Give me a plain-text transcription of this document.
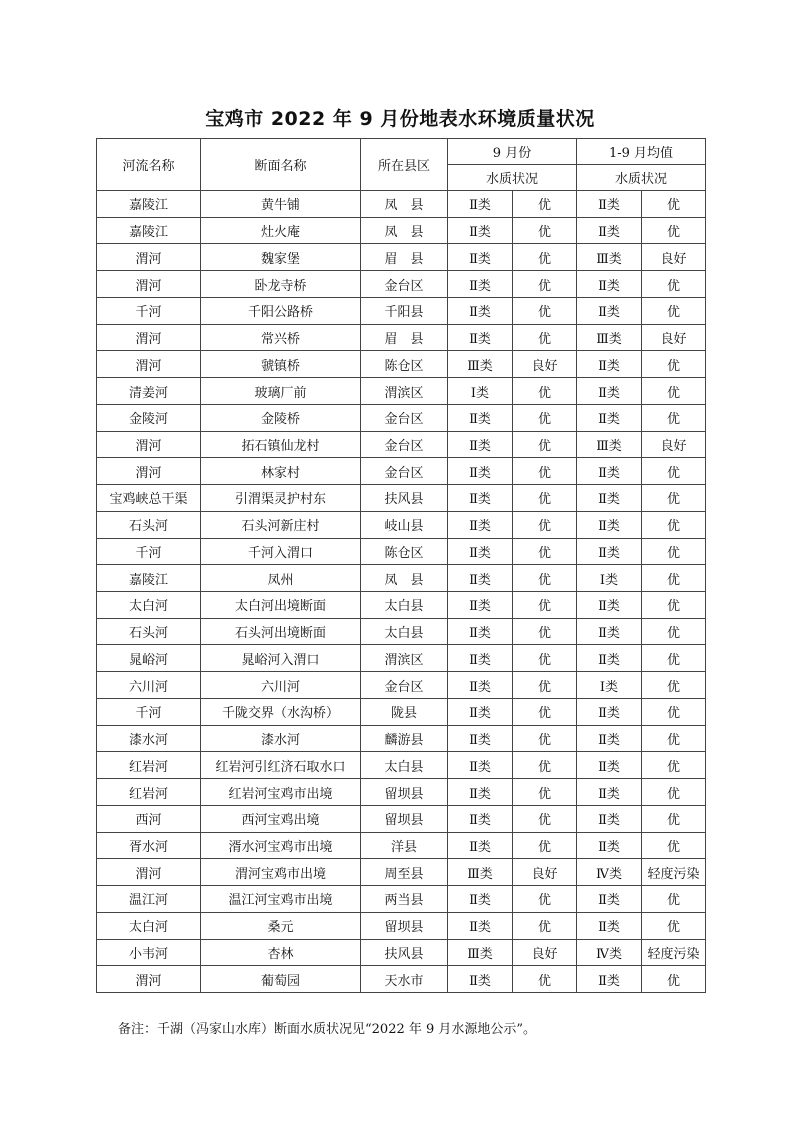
宝鸡市 2022 年 9 月份地表水环境质量状况
河流名称	断面名称	所在县区	9 月份		1-9 月均值	
			水质状况		水质状况	
嘉陵江	黄牛铺	凤　县	Ⅱ类	优	Ⅱ类	优
嘉陵江	灶火庵	凤　县	Ⅱ类	优	Ⅱ类	优
渭河	魏家堡	眉　县	Ⅱ类	优	Ⅲ类	良好
渭河	卧龙寺桥	金台区	Ⅱ类	优	Ⅱ类	优
千河	千阳公路桥	千阳县	Ⅱ类	优	Ⅱ类	优
渭河	常兴桥	眉　县	Ⅱ类	优	Ⅲ类	良好
渭河	虢镇桥	陈仓区	Ⅲ类	良好	Ⅱ类	优
清姜河	玻璃厂前	渭滨区	Ⅰ类	优	Ⅱ类	优
金陵河	金陵桥	金台区	Ⅱ类	优	Ⅱ类	优
渭河	拓石镇仙龙村	金台区	Ⅱ类	优	Ⅲ类	良好
渭河	林家村	金台区	Ⅱ类	优	Ⅱ类	优
宝鸡峡总干渠	引渭渠灵护村东	扶风县	Ⅱ类	优	Ⅱ类	优
石头河	石头河新庄村	岐山县	Ⅱ类	优	Ⅱ类	优
千河	千河入渭口	陈仓区	Ⅱ类	优	Ⅱ类	优
嘉陵江	凤州	凤　县	Ⅱ类	优	Ⅰ类	优
太白河	太白河出境断面	太白县	Ⅱ类	优	Ⅱ类	优
石头河	石头河出境断面	太白县	Ⅱ类	优	Ⅱ类	优
晁峪河	晁峪河入渭口	渭滨区	Ⅱ类	优	Ⅱ类	优
六川河	六川河	金台区	Ⅱ类	优	Ⅰ类	优
千河	千陇交界（水沟桥）	陇县	Ⅱ类	优	Ⅱ类	优
漆水河	漆水河	麟游县	Ⅱ类	优	Ⅱ类	优
红岩河	红岩河引红济石取水口	太白县	Ⅱ类	优	Ⅱ类	优
红岩河	红岩河宝鸡市出境	留坝县	Ⅱ类	优	Ⅱ类	优
西河	西河宝鸡出境	留坝县	Ⅱ类	优	Ⅱ类	优
胥水河	湑水河宝鸡市出境	洋县	Ⅱ类	优	Ⅱ类	优
渭河	渭河宝鸡市出境	周至县	Ⅲ类	良好	Ⅳ类	轻度污染
温江河	温江河宝鸡市出境	两当县	Ⅱ类	优	Ⅱ类	优
太白河	桑元	留坝县	Ⅱ类	优	Ⅱ类	优
小韦河	杏林	扶风县	Ⅲ类	良好	Ⅳ类	轻度污染
渭河	葡萄园	天水市	Ⅱ类	优	Ⅱ类	优
备注：千湖（冯家山水库）断面水质状况见“2022 年 9 月水源地公示”。
